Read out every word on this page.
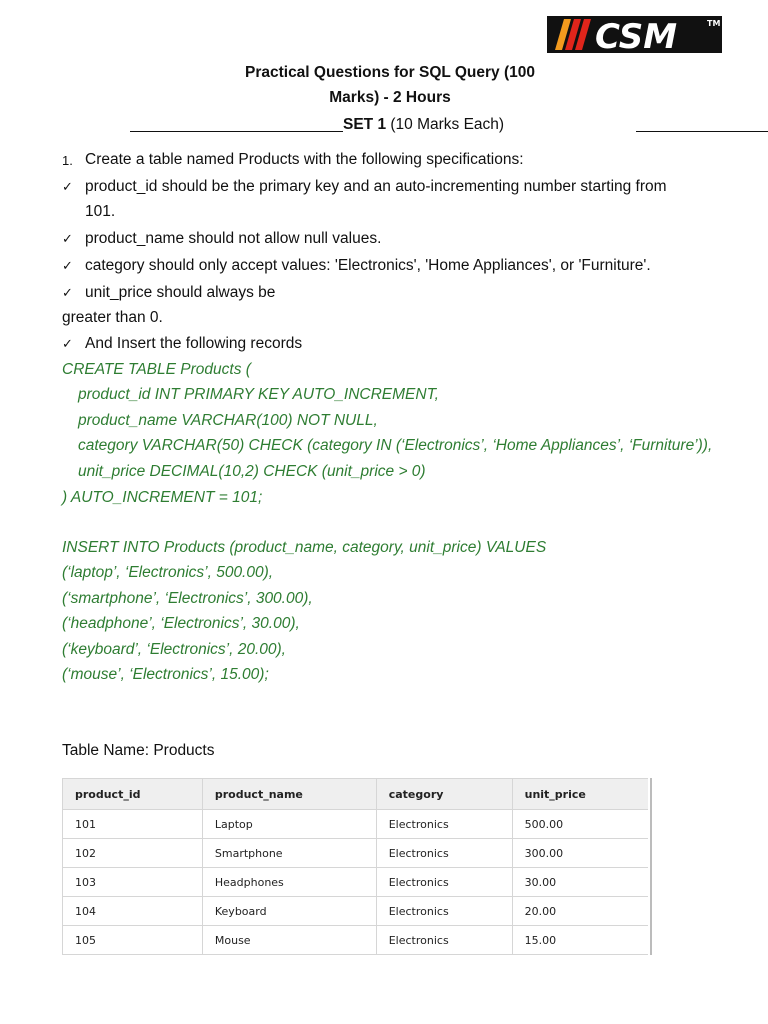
CSM	TM
Practical Questions for SQL Query (100
Marks) - 2 Hours
SET 1 (10 Marks Each)
1. Create a table named Products with the following specifications:
✓ product_id should be the primary key and an auto-incrementing number starting from
101.
✓ product_name should not allow null values.
✓ category should only accept values: 'Electronics', 'Home Appliances', or 'Furniture'.
✓ unit_price should always be
greater than 0.
✓ And Insert the following records
CREATE TABLE Products (
product_id INT PRIMARY KEY AUTO_INCREMENT,
product_name VARCHAR(100) NOT NULL,
category VARCHAR(50) CHECK (category IN (‘Electronics’, ‘Home Appliances’, ‘Furniture’)),
unit_price DECIMAL(10,2) CHECK (unit_price > 0)
) AUTO_INCREMENT = 101;
INSERT INTO Products (product_name, category, unit_price) VALUES
(‘laptop’, ‘Electronics’, 500.00),
(‘smartphone’, ‘Electronics’, 300.00),
(‘headphone’, ‘Electronics’, 30.00),
(‘keyboard’, ‘Electronics’, 20.00),
(‘mouse’, ‘Electronics’, 15.00);
Table Name: Products
product_id	product_name	category	unit_price
101	Laptop	Electronics	500.00
102	Smartphone	Electronics	300.00
103	Headphones	Electronics	30.00
104	Keyboard	Electronics	20.00
105	Mouse	Electronics	15.00
